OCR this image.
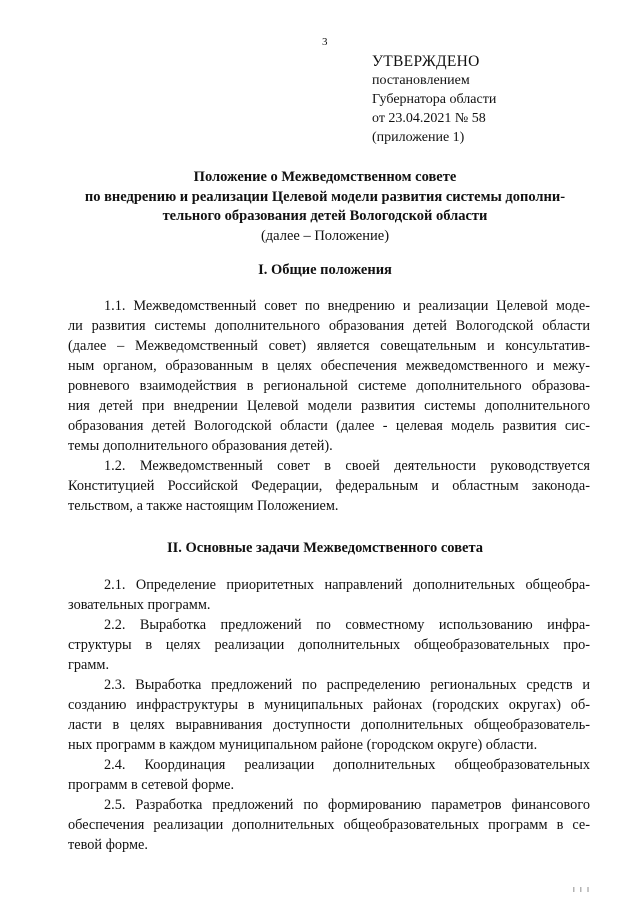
3
УТВЕРЖДЕНО
постановлением
Губернатора области
от 23.04.2021 № 58
(приложение 1)
Положение о Межведомственном совете
по внедрению и реализации Целевой модели развития системы дополни-
тельного образования детей Вологодской области
(далее – Положение)
I. Общие положения
1.1. Межведомственный совет по внедрению и реализации Целевой моде-
ли развития системы дополнительного образования детей Вологодской области
(далее – Межведомственный совет) является совещательным и консультатив-
ным органом, образованным в целях обеспечения межведомственного и межу-
ровневого взаимодействия в региональной системе дополнительного образова-
ния детей при внедрении Целевой модели развития системы дополнительного
образования детей Вологодской области (далее - целевая модель развития сис-
темы дополнительного образования детей).
1.2. Межведомственный совет в своей деятельности руководствуется
Конституцией Российской Федерации, федеральным и областным законода-
тельством, а также настоящим Положением.
II. Основные задачи Межведомственного совета
2.1. Определение приоритетных направлений дополнительных общеобра-
зовательных программ.
2.2. Выработка предложений по совместному использованию инфра-
структуры в целях реализации дополнительных общеобразовательных про-
грамм.
2.3. Выработка предложений по распределению региональных средств и
созданию инфраструктуры в муниципальных районах (городских округах) об-
ласти в целях выравнивания доступности дополнительных общеобразователь-
ных программ в каждом муниципальном районе (городском округе) области.
2.4. Координация реализации дополнительных общеобразовательных
программ в сетевой форме.
2.5. Разработка предложений по формированию параметров финансового
обеспечения реализации дополнительных общеобразовательных программ в се-
тевой форме.
। । ।
